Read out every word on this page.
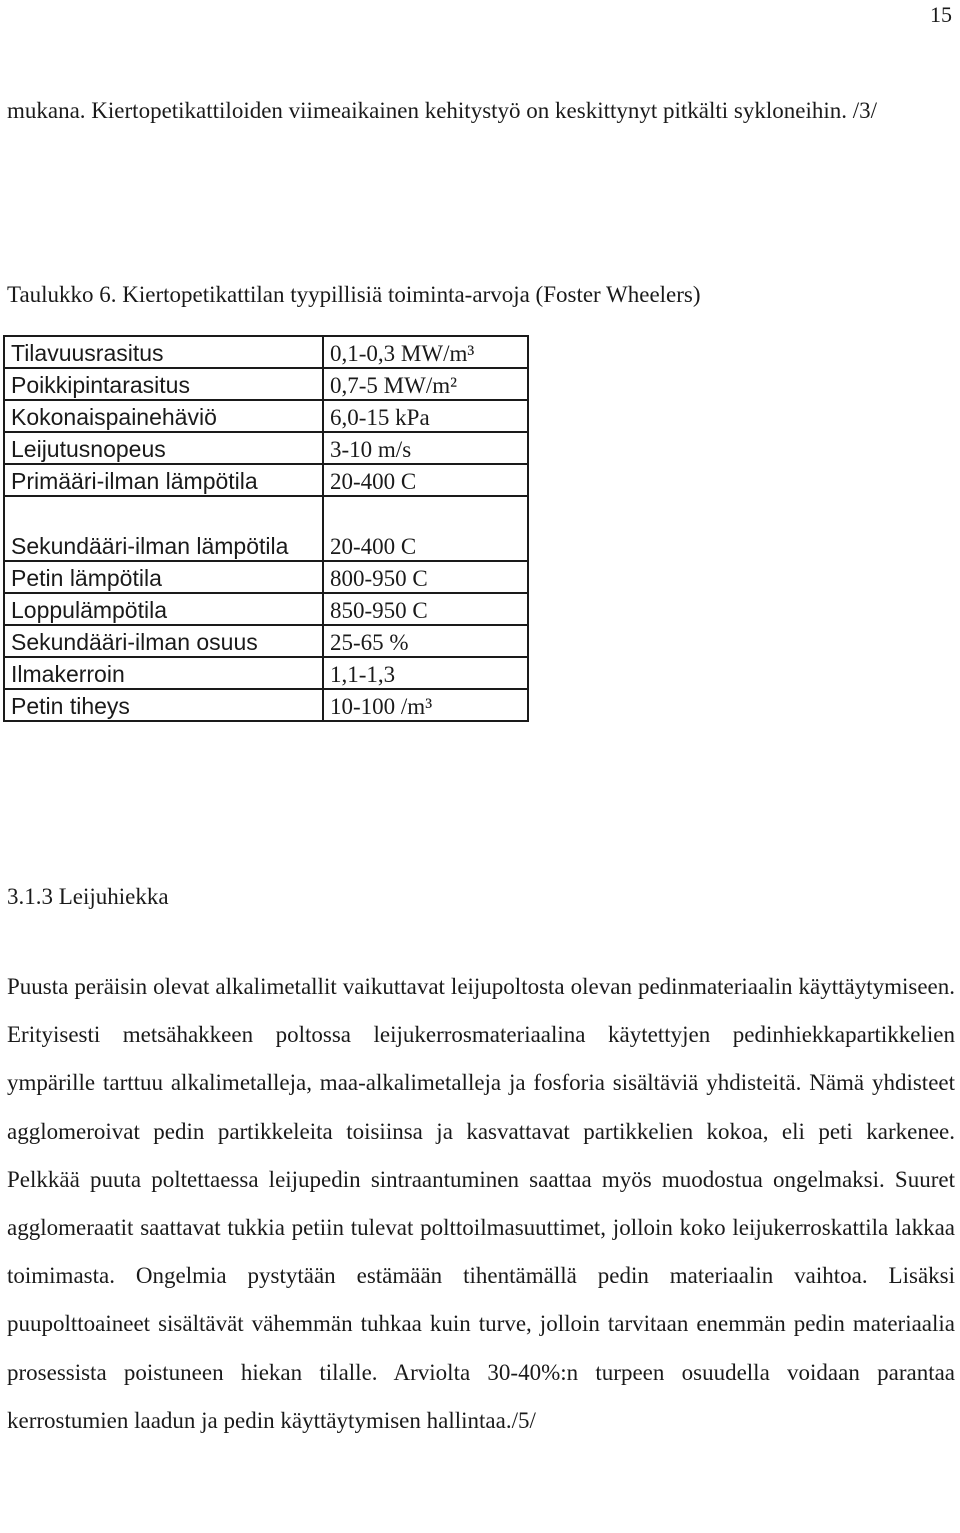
15

mukana. Kiertopetikattiloiden viimeaikainen kehitystyö on keskittynyt pitkälti sykloneihin. /3/

Taulukko 6. Kiertopetikattilan tyypillisiä toiminta-arvoja (Foster Wheelers)

Tilavuusrasitus	0,1-0,3 MW/m³
Poikkipintarasitus	0,7-5 MW/m²
Kokonaispainehäviö	6,0-15 kPa
Leijutusnopeus	3-10 m/s
Primääri-ilman lämpötila	20-400 C
Sekundääri-ilman lämpötila	20-400 C
Petin lämpötila	800-950 C
Loppulämpötila	850-950 C
Sekundääri-ilman osuus	25-65 %
Ilmakerroin	1,1-1,3
Petin tiheys	10-100 /m³
3.1.3 Leijuhiekka

Puusta peräisin olevat alkalimetallit vaikuttavat leijupoltosta olevan pedinmateriaalin käyttäytymiseen. Erityisesti metsähakkeen poltossa leijukerrosmateriaalina käytettyjen pedinhiekkapartikkelien ympärille tarttuu alkalimetalleja, maa-alkalimetalleja ja fosforia sisältäviä yhdisteitä. Nämä yhdisteet agglomeroivat pedin partikkeleita toisiinsa ja kasvattavat partikkelien kokoa, eli peti karkenee. Pelkkää puuta poltettaessa leijupedin sintraantuminen saattaa myös muodostua ongelmaksi. Suuret agglomeraatit saattavat tukkia petiin tulevat polttoilmasuuttimet, jolloin koko leijukerroskattila lakkaa toimimasta. Ongelmia pystytään estämään tihentämällä pedin materiaalin vaihtoa. Lisäksi puupolttoaineet sisältävät vähemmän tuhkaa kuin turve, jolloin tarvitaan enemmän pedin materiaalia prosessista poistuneen hiekan tilalle. Arviolta 30-40%:n turpeen osuudella voidaan parantaa kerrostumien laadun ja pedin käyttäytymisen hallintaa./5/
